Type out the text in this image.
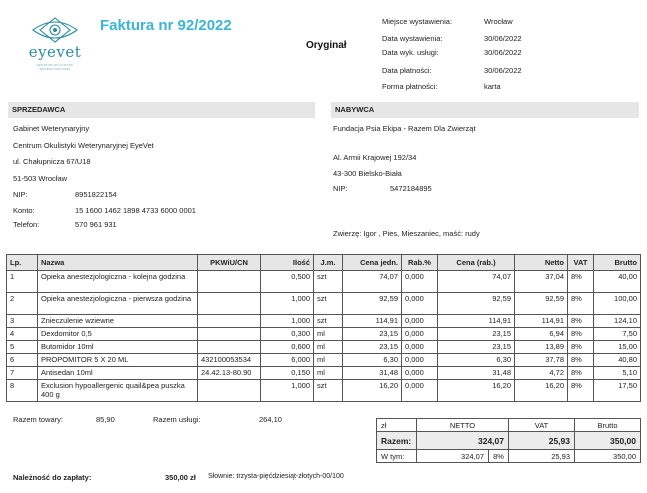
eyevet
CENTRUM OKULISTYKI WETERYNARYJNEJ
Faktura nr 92/2022
Oryginał
Miejsce wystawienia:	Wrocław
Data wystawienia:	30/06/2022
Data wyk. usługi:	30/06/2022
Data płatności:	30/06/2022
Forma płatności:	karta
SPRZEDAWCA
Gabinet Weterynaryjny
Centrum Okulistyki Weterynaryjnej EyeVet
ul. Chałupnicza 67/U18
51-503 Wrocław
NIP:	8951822154
Konto:	15 1600 1462 1898 4733 6000 0001
Telefon:	570 961 931
NABYWCA
Fundacja Psia Ekipa - Razem Dla Zwierząt
Al. Armii Krajowej 192/34
43-300 Bielsko-Biała
NIP:	5472184895
Zwierzę: Igor , Pies, Mieszaniec, maść: rudy
Lp.	Nazwa	PKWiU/CN	Ilość	J.m.	Cena jedn.	Rab.%	Cena (rab.)	Netto	VAT	Brutto
1	Opieka anestezjologiczna - kolejna godzina		0,500	szt	74,07	0,000	74,07	37,04	8%	40,00
2	Opieka anestezjologiczna - pierwsza godzina		1,000	szt	92,59	0,000	92,59	92,59	8%	100,00
3	Znieczulenie wziewne		1,000	szt	114,91	0,000	114,91	114,91	8%	124,10
4	Dexdomitor 0,5		0,300	ml	23,15	0,000	23,15	6,94	8%	7,50
5	Butomidor 10ml		0,600	ml	23,15	0,000	23,15	13,89	8%	15,00
6	PROPOMITOR 5 X 20 ML	432100053534	6,000	ml	6,30	0,000	6,30	37,78	8%	40,80
7	Antisedan 10ml	24.42.13-80.90	0,150	ml	31,48	0,000	31,48	4,72	8%	5,10
8	Exclusion hypoallergenic quail&pea puszka 400 g		1,000	szt	16,20	0,000	16,20	16,20	8%	17,50
Razem towary:	85,90	Razem usługi:	264,10
zł	NETTO		VAT	Brutto
Razem:	324,07		25,93	350,00
W tym:	324,07	8%	25,93	350,00
Należność do zapłaty:	350,00 zł Słownie: trzysta-pięćdziesiąt-złotych-00/100
